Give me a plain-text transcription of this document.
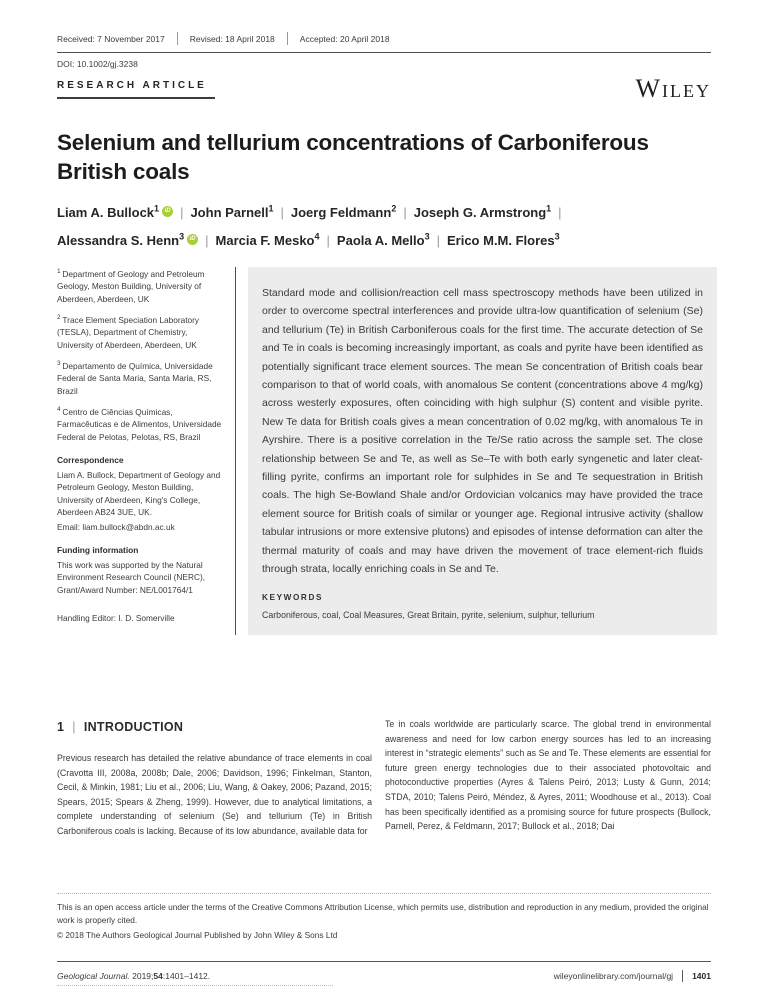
Received: 7 November 2017	Revised: 18 April 2018	Accepted: 20 April 2018
DOI: 10.1002/gj.3238
RESEARCH ARTICLE	Wiley
Selenium and tellurium concentrations of Carboniferous British coals
Liam A. Bullock$^1$ iD | John Parnell$^1$ | Joerg Feldmann$^2$ | Joseph G. Armstrong$^1$ |
Alessandra S. Henn$^3$ iD | Marcia F. Mesko$^4$ | Paola A. Mello$^3$ | Erico M.M. Flores$^3$
$^1$ Department of Geology and Petroleum Geology, Meston Building, University of Aberdeen, Aberdeen, UK
$^2$ Trace Element Speciation Laboratory (TESLA), Department of Chemistry, University of Aberdeen, Aberdeen, UK
$^3$ Departamento de Química, Universidade Federal de Santa Maria, Santa Maria, RS, Brazil
$^4$ Centro de Ciências Químicas, Farmacêuticas e de Alimentos, Universidade Federal de Pelotas, Pelotas, RS, Brazil
Correspondence
Liam A. Bullock, Department of Geology and Petroleum Geology, Meston Building, University of Aberdeen, King's College, Aberdeen AB24 3UE, UK.
Email: liam.bullock@abdn.ac.uk
Funding information
This work was supported by the Natural Environment Research Council (NERC), Grant/Award Number: NE/L001764/1
Handling Editor: I. D. Somerville
Standard mode and collision/reaction cell mass spectroscopy methods have been utilized in order to overcome spectral interferences and provide ultra-low quantification of selenium (Se) and tellurium (Te) in British Carboniferous coals for the first time. The accurate detection of Se and Te in coals is becoming increasingly important, as coals and pyrite have been identified as potentially significant trace element sources. The mean Se concentration of British coals bear comparison to that of world coals, with anomalous Se content (concentrations above 4 mg/kg) across westerly exposures, often coinciding with high sulphur (S) content and visible pyrite. New Te data for British coals gives a mean concentration of 0.02 mg/kg, with anomalous Te in Ayrshire. There is a positive correlation in the Te/Se ratio across the sample set. The close relationship between Se and Te, as well as Se–Te with both early syngenetic and later cleat-filling pyrite, confirms an important role for sulphides in Se and Te sequestration in British coals. The high Se-Bowland Shale and/or Ordovician volcanics may have provided the trace element source for British coals of similar or younger age. Regional intrusive activity (shallow tabular intrusions or more extensive plutons) and episodes of intense deformation can alter the thermal maturity of coals and may have driven the movement of trace element-rich fluids through strata, locally enriching coals in Se and Te.
KEYWORDS
Carboniferous, coal, Coal Measures, Great Britain, pyrite, selenium, sulphur, tellurium
1 | INTRODUCTION
Previous research has detailed the relative abundance of trace elements in coal (Cravotta III, 2008a, 2008b; Dale, 2006; Davidson, 1996; Finkelman, Stanton, Cecil, & Minkin, 1981; Liu et al., 2006; Liu, Wang, & Oakey, 2006; Pazand, 2015; Spears, 2015; Spears & Zheng, 1999). However, due to analytical limitations, a complete understanding of selenium (Se) and tellurium (Te) in British Carboniferous coals is lacking. Because of its low abundance, available data for
Te in coals worldwide are particularly scarce. The global trend in environmental awareness and need for low carbon energy sources has led to an increasing interest in “strategic elements” such as Se and Te. These elements are essential for future green energy technologies due to their associated photovoltaic and photoconductive properties (Ayres & Talens Peiró, 2013; Lusty & Gunn, 2014; STDA, 2010; Talens Peiró, Méndez, & Ayres, 2011; Woodhouse et al., 2013). Coal has been specifically identified as a promising source for future prospects (Bullock, Parnell, Perez, & Feldmann, 2017; Bullock et al., 2018; Dai
This is an open access article under the terms of the Creative Commons Attribution License, which permits use, distribution and reproduction in any medium, provided the original work is properly cited.
© 2018 The Authors Geological Journal Published by John Wiley & Sons Ltd
Geological Journal. 2019;54:1401–1412.	wileyonlinelibrary.com/journal/gj 1401
